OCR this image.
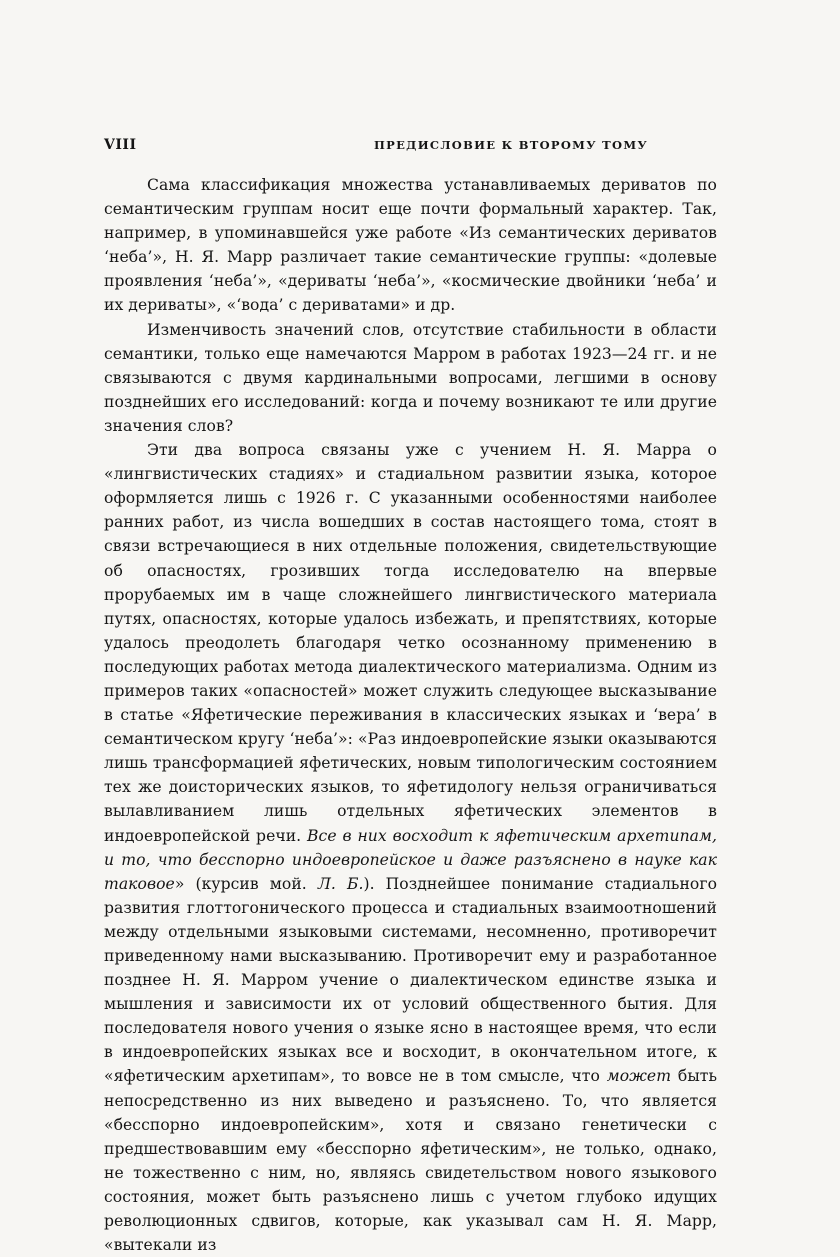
VIII	ПРЕДИСЛОВИЕ К ВТОРОМУ ТОМУ

Сама классификация множества устанавливаемых дериватов по семантическим группам носит еще почти формальный характер. Так, например, в упоминавшейся уже работе «Из семантических дериватов ‘неба’», Н. Я. Марр различает такие семантические группы: «долевые проявления ‘неба’», «дериваты ‘неба’», «космические двойники ‘неба’ и их дериваты», «‘вода’ с дериватами» и др.

Изменчивость значений слов, отсутствие стабильности в области семантики, только еще намечаются Марром в работах 1923—24 гг. и не связываются с двумя кардинальными вопросами, легшими в основу позднейших его исследований: когда и почему возникают те или другие значения слов?

Эти два вопроса связаны уже с учением Н. Я. Марра о «лингвистических стадиях» и стадиальном развитии языка, которое оформляется лишь с 1926 г. С указанными особенностями наиболее ранних работ, из числа вошедших в состав настоящего тома, стоят в связи встречающиеся в них отдельные положения, свидетельствующие об опасностях, грозивших тогда исследователю на впервые прорубаемых им в чаще сложнейшего лингвистического материала путях, опасностях, которые удалось избежать, и препятствиях, которые удалось преодолеть благодаря четко осознанному применению в последующих работах метода диалектического материализма. Одним из примеров таких «опасностей» может служить следующее высказывание в статье «Яфетические переживания в классических языках и ‘вера’ в семантическом кругу ‘неба’»: «Раз индоевропейские языки оказываются лишь трансформацией яфетических, новым типологическим состоянием тех же доисторических языков, то яфетидологу нельзя ограничиваться вылавливанием лишь отдельных яфетических элементов в индоевропейской речи. Все в них восходит к яфетическим архетипам, и то, что бесспорно индоевропейское и даже разъяснено в науке как таковое» (курсив мой. Л. Б.). Позднейшее понимание стадиального развития глоттогонического процесса и стадиальных взаимоотношений между отдельными языковыми системами, несомненно, противоречит приведенному нами высказыванию. Противоречит ему и разработанное позднее Н. Я. Марром учение о диалектическом единстве языка и мышления и зависимости их от условий общественного бытия. Для последователя нового учения о языке ясно в настоящее время, что если в индоевропейских языках все и восходит, в окончательном итоге, к «яфетическим архетипам», то вовсе не в том смысле, что может быть непосредственно из них выведено и разъяснено. То, что является «бесспорно индоевропейским», хотя и связано генетически с предшествовавшим ему «бесспорно яфетическим», не только, однако, не тожественно с ним, но, являясь свидетельством нового языкового состояния, может быть разъяснено лишь с учетом глубоко идущих революционных сдвигов, которые, как указывал сам Н. Я. Марр, «вытекали из
